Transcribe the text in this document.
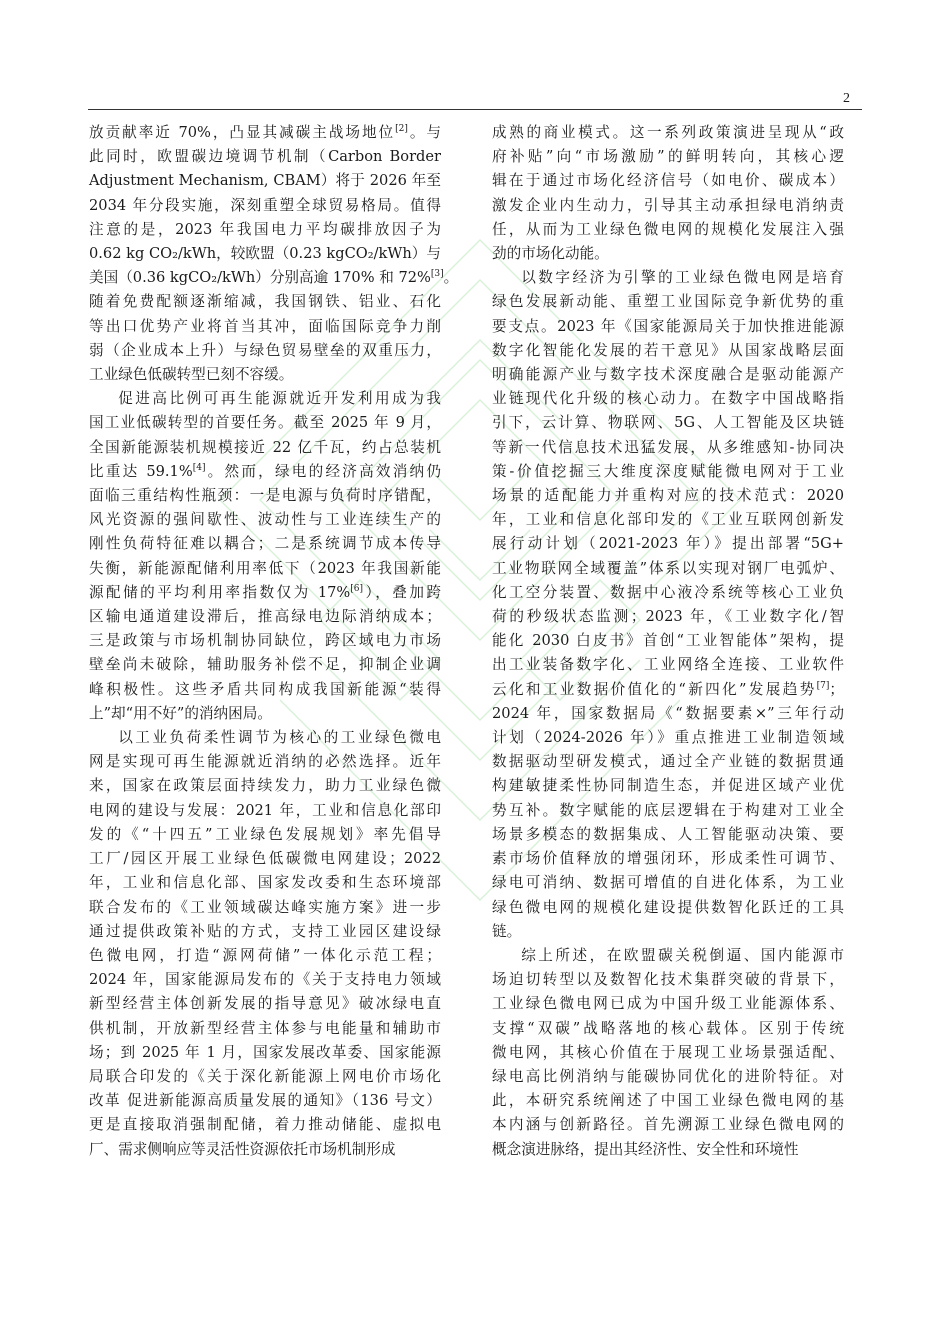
2

放贡献率近 70%，凸显其减碳主战场地位[2]。与
此同时，欧盟碳边境调节机制（Carbon Border
Adjustment Mechanism, CBAM）将于 2026 年至
2034 年分段实施，深刻重塑全球贸易格局。值得
注意的是，2023 年我国电力平均碳排放因子为
0.62 kg CO₂/kWh，较欧盟（0.23 kgCO₂/kWh）与
美国（0.36 kgCO₂/kWh）分别高逾 170% 和 72%[3]。
随着免费配额逐渐缩减，我国钢铁、铝业、石化
等出口优势产业将首当其冲，面临国际竞争力削
弱（企业成本上升）与绿色贸易壁垒的双重压力，
工业绿色低碳转型已刻不容缓。

促进高比例可再生能源就近开发利用成为我
国工业低碳转型的首要任务。截至 2025 年 9 月，
全国新能源装机规模接近 22 亿千瓦，约占总装机
比重达 59.1%[4]。然而，绿电的经济高效消纳仍
面临三重结构性瓶颈：一是电源与负荷时序错配，
风光资源的强间歇性、波动性与工业连续生产的
刚性负荷特征难以耦合；二是系统调节成本传导
失衡，新能源配储利用率低下（2023 年我国新能
源配储的平均利用率指数仅为 17%[6]），叠加跨
区输电通道建设滞后，推高绿电边际消纳成本；
三是政策与市场机制协同缺位，跨区域电力市场
壁垒尚未破除，辅助服务补偿不足，抑制企业调
峰积极性。这些矛盾共同构成我国新能源“装得
上”却“用不好”的消纳困局。

以工业负荷柔性调节为核心的工业绿色微电
网是实现可再生能源就近消纳的必然选择。近年
来，国家在政策层面持续发力，助力工业绿色微
电网的建设与发展：2021 年，工业和信息化部印
发的《“十四五”工业绿色发展规划》率先倡导
工厂/园区开展工业绿色低碳微电网建设；2022
年，工业和信息化部、国家发改委和生态环境部
联合发布的《工业领域碳达峰实施方案》进一步
通过提供政策补贴的方式，支持工业园区建设绿
色微电网，打造“源网荷储”一体化示范工程；
2024 年，国家能源局发布的《关于支持电力领域
新型经营主体创新发展的指导意见》破冰绿电直
供机制，开放新型经营主体参与电能量和辅助市
场；到 2025 年 1 月，国家发展改革委、国家能源
局联合印发的《关于深化新能源上网电价市场化
改革 促进新能源高质量发展的通知》（136 号文）
更是直接取消强制配储，着力推动储能、虚拟电
厂、需求侧响应等灵活性资源依托市场机制形成

成熟的商业模式。这一系列政策演进呈现从“政
府补贴”向“市场激励”的鲜明转向，其核心逻
辑在于通过市场化经济信号（如电价、碳成本）
激发企业内生动力，引导其主动承担绿电消纳责
任，从而为工业绿色微电网的规模化发展注入强
劲的市场化动能。

以数字经济为引擎的工业绿色微电网是培育
绿色发展新动能、重塑工业国际竞争新优势的重
要支点。2023 年《国家能源局关于加快推进能源
数字化智能化发展的若干意见》从国家战略层面
明确能源产业与数字技术深度融合是驱动能源产
业链现代化升级的核心动力。在数字中国战略指
引下，云计算、物联网、5G、人工智能及区块链
等新一代信息技术迅猛发展，从多维感知-协同决
策-价值挖掘三大维度深度赋能微电网对于工业
场景的适配能力并重构对应的技术范式：2020
年，工业和信息化部印发的《工业互联网创新发
展行动计划（2021-2023 年）》提出部署“5G+
工业物联网全域覆盖”体系以实现对钢厂电弧炉、
化工空分装置、数据中心液冷系统等核心工业负
荷的秒级状态监测；2023 年，《工业数字化/智
能化 2030 白皮书》首创“工业智能体”架构，提
出工业装备数字化、工业网络全连接、工业软件
云化和工业数据价值化的“新四化”发展趋势[7]；
2024 年，国家数据局《“数据要素×”三年行动
计划（2024-2026 年）》重点推进工业制造领域
数据驱动型研发模式，通过全产业链的数据贯通
构建敏捷柔性协同制造生态，并促进区域产业优
势互补。数字赋能的底层逻辑在于构建对工业全
场景多模态的数据集成、人工智能驱动决策、要
素市场价值释放的增强闭环，形成柔性可调节、
绿电可消纳、数据可增值的自进化体系，为工业
绿色微电网的规模化建设提供数智化跃迁的工具
链。

综上所述，在欧盟碳关税倒逼、国内能源市
场迫切转型以及数智化技术集群突破的背景下，
工业绿色微电网已成为中国升级工业能源体系、
支撑“双碳”战略落地的核心载体。区别于传统
微电网，其核心价值在于展现工业场景强适配、
绿电高比例消纳与能碳协同优化的进阶特征。对
此，本研究系统阐述了中国工业绿色微电网的基
本内涵与创新路径。首先溯源工业绿色微电网的
概念演进脉络，提出其经济性、安全性和环境性
